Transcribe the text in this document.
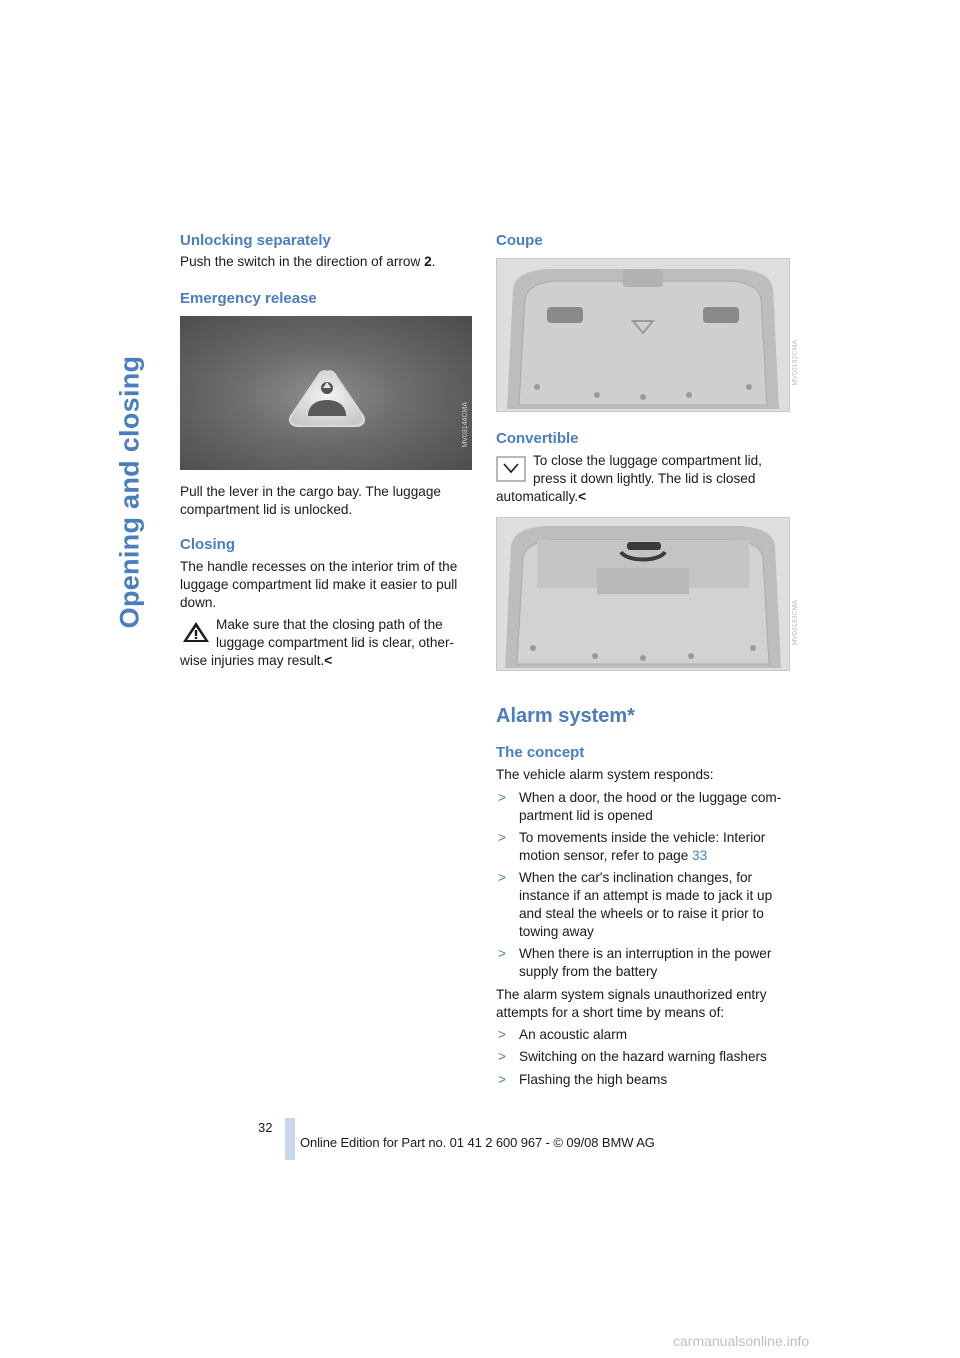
Opening and closing
Unlocking separately

Push the switch in the direction of arrow 2.

Emergency release
MV03144CMA

Pull the lever in the cargo bay. The luggage compartment lid is unlocked.

Closing

The handle recesses on the interior trim of the luggage compartment lid make it easier to pull down.

Make sure that the closing path of the

luggage compartment lid is clear, other-

wise injuries may result.<

Coupe
MV03192CMA
Convertible

To close the luggage compartment lid,

press it down lightly. The lid is closed

automatically.<

MV03193CMA
Alarm system*
The concept

The vehicle alarm system responds:

> When a door, the hood or the luggage com-
partment lid is opened
> To movements inside the vehicle: Interior
motion sensor, refer to page 33
> When the car's inclination changes, for
instance if an attempt is made to jack it up
and steal the wheels or to raise it prior to
towing away
> When there is an interruption in the power
supply from the battery

The alarm system signals unauthorized entry
attempts for a short time by means of:

> An acoustic alarm
> Switching on the hazard warning flashers
> Flashing the high beams
32
Online Edition for Part no. 01 41 2 600 967 - © 09/08 BMW AG
carmanualsonline.info
